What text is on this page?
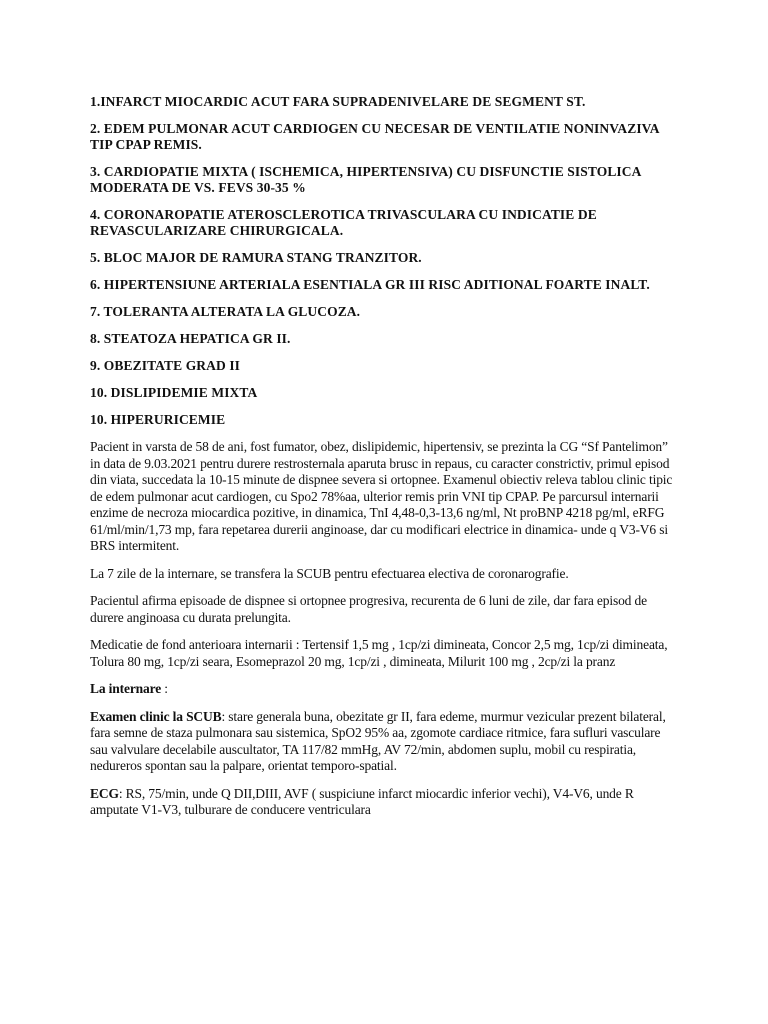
1.INFARCT MIOCARDIC ACUT FARA SUPRADENIVELARE DE SEGMENT ST.

2. EDEM PULMONAR ACUT CARDIOGEN CU NECESAR DE VENTILATIE NONINVAZIVA TIP CPAP REMIS.

3. CARDIOPATIE MIXTA ( ISCHEMICA, HIPERTENSIVA) CU DISFUNCTIE SISTOLICA MODERATA DE VS. FEVS 30-35 %

4. CORONAROPATIE ATEROSCLEROTICA TRIVASCULARA CU INDICATIE DE REVASCULARIZARE CHIRURGICALA.

5. BLOC MAJOR DE RAMURA STANG TRANZITOR.

6. HIPERTENSIUNE ARTERIALA ESENTIALA GR III RISC ADITIONAL FOARTE INALT.

7. TOLERANTA ALTERATA LA GLUCOZA.

8. STEATOZA HEPATICA GR II.

9. OBEZITATE GRAD II

10. DISLIPIDEMIE MIXTA

10. HIPERURICEMIE

Pacient in varsta de 58 de ani, fost fumator, obez, dislipidemic, hipertensiv, se prezinta la CG “Sf Pantelimon” in data de 9.03.2021 pentru durere restrosternala aparuta brusc in repaus, cu caracter constrictiv, primul episod din viata, succedata la 10-15 minute de dispnee severa si ortopnee. Examenul obiectiv releva tablou clinic tipic de edem pulmonar acut cardiogen, cu Spo2 78%aa, ulterior remis prin VNI tip CPAP. Pe parcursul internarii enzime de necroza miocardica pozitive, in dinamica, TnI 4,48-0,3-13,6 ng/ml, Nt proBNP 4218 pg/ml, eRFG 61/ml/min/1,73 mp, fara repetarea durerii anginoase, dar cu modificari electrice in dinamica- unde q V3-V6 si BRS intermitent.

La 7 zile de la internare, se transfera la SCUB pentru efectuarea electiva de coronarografie.

Pacientul afirma episoade de dispnee si ortopnee progresiva, recurenta de 6 luni de zile, dar fara episod de durere anginoasa cu durata prelungita.

Medicatie de fond anterioara internarii : Tertensif 1,5 mg , 1cp/zi dimineata, Concor 2,5 mg, 1cp/zi dimineata, Tolura 80 mg, 1cp/zi seara, Esomeprazol 20 mg, 1cp/zi , dimineata, Milurit 100 mg , 2cp/zi la pranz

La internare :

Examen clinic la SCUB: stare generala buna, obezitate gr II, fara edeme, murmur vezicular prezent bilateral, fara semne de staza pulmonara sau sistemica, SpO2 95% aa, zgomote cardiace ritmice, fara sufluri vasculare sau valvulare decelabile auscultator, TA 117/82 mmHg, AV 72/min, abdomen suplu, mobil cu respiratia, nedureros spontan sau la palpare, orientat temporo-spatial.

ECG: RS, 75/min, unde Q DII,DIII, AVF ( suspiciune infarct miocardic inferior vechi), V4-V6, unde R amputate V1-V3, tulburare de conducere ventriculara
